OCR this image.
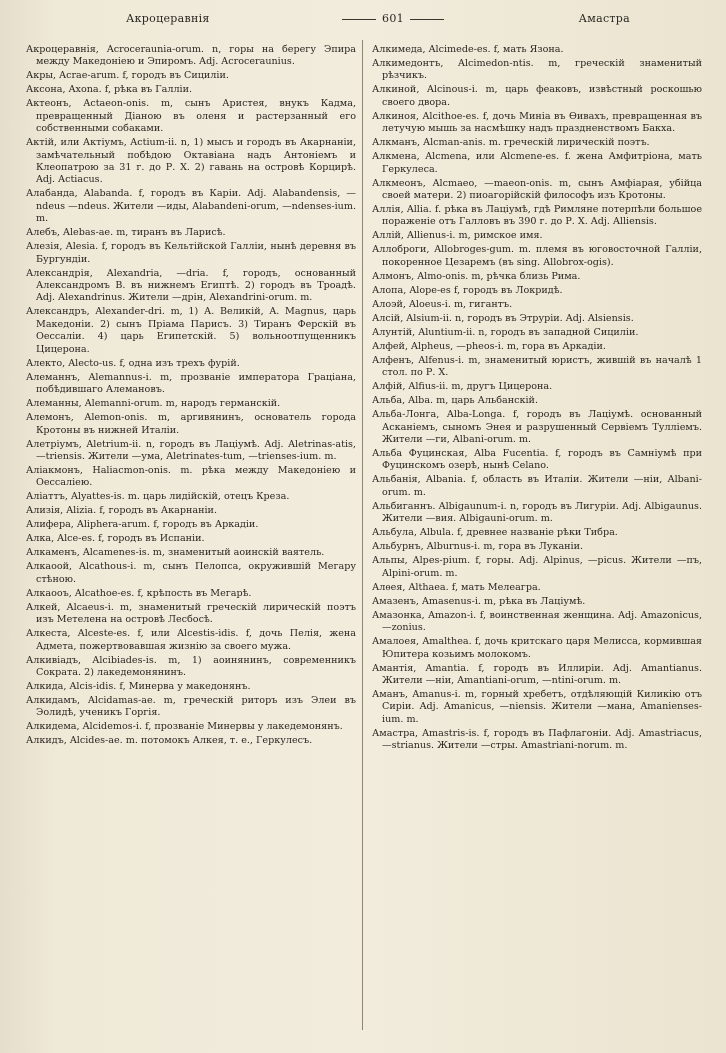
Акроцеравнія	601	Амастра

Акроцеравнія, Acroceraunia-orum. n, горы на берегу Эпира между Македоніею и Эпиромъ. Adj. Acroceraunius.

Акры, Acrae-arum. f, городъ въ Сициліи.

Аксона, Axona. f, рѣка въ Галліи.

Актеонъ, Actaeon-onis. m, сынъ Аристея, внукъ Кадма, превращенный Діаною въ оленя и растерзанный его собственными собаками.

Актій, или Актіумъ, Actium-ii. n, 1) мысъ и городъ въ Акарнаніи, замѣчательный побѣдою Октавіана надъ Антоніемъ и Клеопатрою за 31 г. до Р. X. 2) гавань на островѣ Корцирѣ. Adj. Actiacus.

Алабанда, Alabanda. f, городъ въ Каріи. Adj. Alabandensis, —ndeus —ndeus. Жители —иды, Alabandeni-orum, —ndenses-ium. m.

Алебъ, Alebas-ae. m, тиранъ въ Ларисѣ.

Алезія, Alesia. f, городъ въ Кельтійской Галліи, нынѣ деревня въ Бургундіи.

Александрія, Alexandria, —dria. f, городъ, основанный Александромъ В. въ нижнемъ Египтѣ. 2) городъ въ Троадѣ. Adj. Alexandrinus. Жители —дрін, Alexandrini-orum. m.

Александръ, Alexander-dri. m, 1) А. Великій, A. Magnus, царь Македоніи. 2) сынъ Пріама Парисъ. 3) Тиранъ Ферскій въ Оессаліи. 4) царь Египетскій. 5) вольноотпущенникъ Цицерона.

Алекто, Alecto-us. f, одна изъ трехъ фурій.

Алеманнъ, Alemannus-i. m, прозваніе императора Граціана, побѣдившаго Алемановъ.

Алеманны, Alemanni-orum. m, народъ германскій.

Алемонъ, Alemon-onis. m, аргивянинъ, основатель города Кротоны въ нижней Италіи.

Алетріумъ, Aletrium-ii. n, городъ въ Лаціумѣ. Adj. Aletrinas-atis, —triensis. Жители —ума, Aletrinates-tum, —trienses-ium. m.

Аліакмонъ, Haliacmon-onis. m. рѣка между Македоніею и Оессаліею.

Аліаттъ, Alyattes-is. m. царь лидійскій, отецъ Креза.

Ализія, Alizia. f, городъ въ Акарнаніи.

Алифера, Aliphera-arum. f, городъ въ Аркадіи.

Алка, Alce-es. f, городъ въ Испаніи.

Алкаменъ, Alcamenes-is. m, знаменитый аоинскій ваятель.

Алкаоой, Alcathous-i. m, сынъ Пелопса, окружившій Мегару стѣною.

Алкаооъ, Alcathoe-es. f, крѣпость въ Мегарѣ.

Алкей, Alcaeus-i. m, знаменитый греческій лирическій поэтъ изъ Метелена на островѣ Лесбосѣ.

Алкеста, Alceste-es. f, или Alcestis-idis. f, дочь Пелія, жена Адмета, пожертвовавшая жизнію за своего мужа.

Алкивіадъ, Alcibiades-is. m, 1) аоинянинъ, современникъ Сократа. 2) лакедемонянинъ.

Алкида, Alcis-idis. f, Минерва у македонянъ.

Алкидамъ, Alcidamas-ae. m, греческій риторъ изъ Элеи въ Эолидѣ, ученикъ Горгія.

Алкидема, Alcidemos-i. f, прозваніе Минервы у лакедемонянъ.

Алкидъ, Alcides-ae. m. потомокъ Алкея, т. е., Геркулесъ.

Алкимеда, Alcimede-es. f, мать Язона.

Алкимедонтъ, Alcimedon-ntis. m, греческій знаменитый рѣзчикъ.

Алкиной, Alcinous-i. m, царь феаковъ, извѣстный роскошью своего двора.

Алкиноя, Alcithoe-es. f, дочь Миніа въ Ѳивахъ, превращенная въ летучую мышь за насмѣшку надъ праздненствомъ Бакха.

Алкманъ, Alcman-anis. m. греческій лирическій поэтъ.

Алкмена, Alcmena, или Alcmene-es. f. жена Амфитріона, мать Геркулеса.

Алкмеонъ, Alcmaeo, —maeon-onis. m, сынъ Амфіарая, убійца своей матери. 2) пиоагорійскій философъ изъ Кротоны.

Аллія, Allia. f. рѣка въ Лаціумѣ, гдѣ Римляне потерпѣли большое пораженіе отъ Галловъ въ 390 г. до Р. X. Adj. Alliensis.

Аллій, Allienus-i. m, римское имя.

Аллоброги, Allobroges-gum. m. племя въ юговосточной Галліи, покоренное Цезаремъ (въ sing. Allobrox-ogis).

Алмонъ, Almo-onis. m, рѣчка близь Рима.

Алопа, Alope-es f, городъ въ Локридѣ.

Алоэй, Aloeus-i. m, гигантъ.

Алсій, Alsium-ii. n, городъ въ Этруріи. Adj. Alsiensis.

Алунтій, Aluntium-ii. n, городъ въ западной Сициліи.

Алфей, Alpheus, —pheos-i. m, гора въ Аркадіи.

Алфенъ, Alfenus-i. m, знаменитый юристъ, жившій въ началѣ 1 стол. по Р. X.

Алфій, Alfius-ii. m, другъ Цицерона.

Альба, Alba. m, царь Альбанскій.

Альба-Лонга, Alba-Longa. f, городъ въ Лаціумѣ. основанный Асканіемъ, сыномъ Энея и разрушенный Сервіемъ Тулліемъ. Жители —ги, Albani-orum. m.

Альба Фуцинская, Alba Fucentia. f, городъ въ Самніумѣ при Фуцинскомъ озерѣ, нынѣ Celano.

Альбанія, Albania. f, область въ Италіи. Жители —ніи, Albani-orum. m.

Альбиганнъ. Albigaunum-i. n, городъ въ Лигуріи. Adj. Albigaunus. Жители —вия. Albigauni-orum. m.

Альбула, Albula. f, древнее названіе рѣки Тибра.

Альбурнъ, Alburnus-i. m, гора въ Луканіи.

Альпы, Alpes-pium. f, горы. Adj. Alpinus, —picus. Жители —пъ, Alpini-orum. m.

Алѳея, Althaea. f, мать Мелеагра.

Амазенъ, Amasenus-i. m, рѣка въ Лаціумѣ.

Амазонка, Amazon-i. f, воинственная женщина. Adj. Amazonicus, —zonius.

Амалоея, Amalthea. f, дочь критскаго царя Мелисса, кормившая Юпитера козьимъ молокомъ.

Амантія, Amantia. f, городъ въ Иллиріи. Adj. Amantianus. Жители —ніи, Amantiani-orum, —ntini-orum. m.

Аманъ, Amanus-i. m, горный хребетъ, отдѣляющій Киликію отъ Сиріи. Adj. Amanicus, —niensis. Жители —мана, Amanienses-ium. m.

Амастра, Amastris-is. f, городъ въ Пафлагоніи. Adj. Amastriacus, —strianus. Жители —стры. Amastriani-norum. m.
